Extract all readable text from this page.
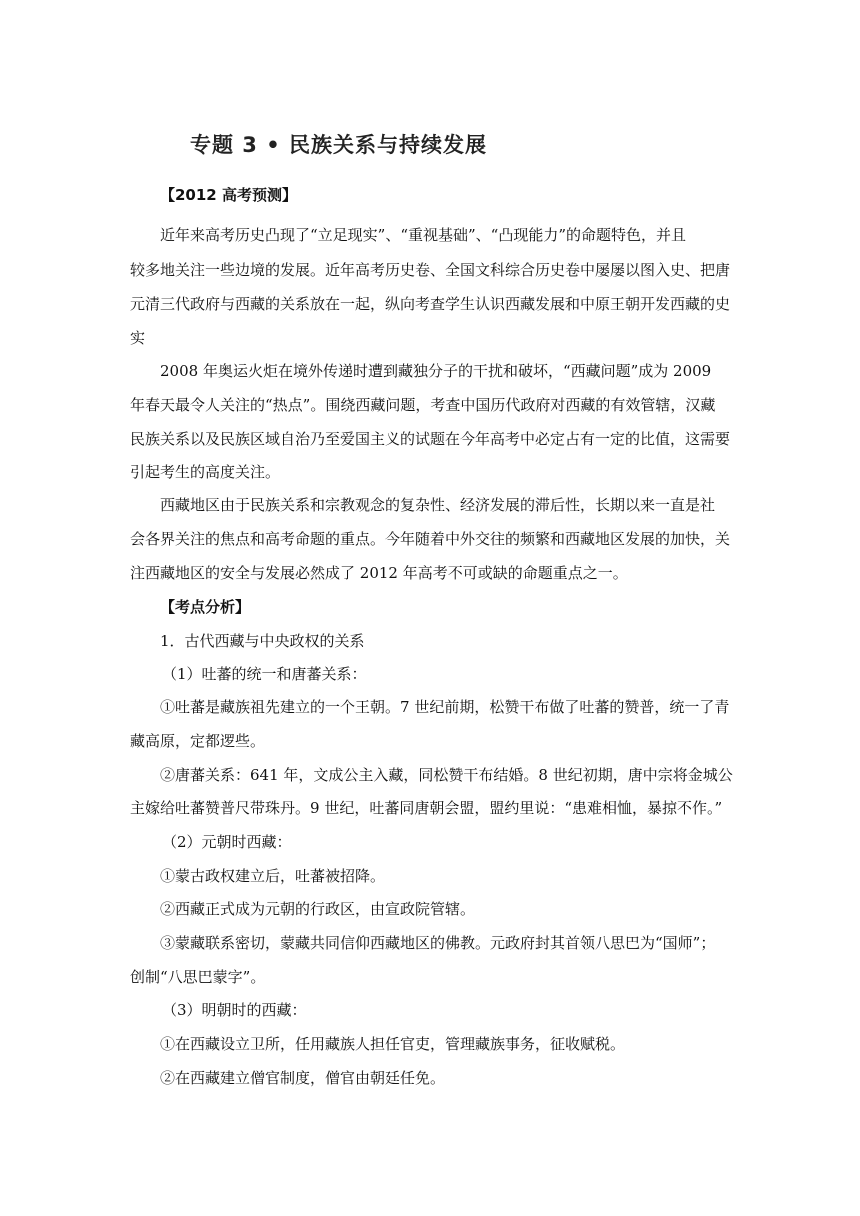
专题 3 • 民族关系与持续发展
【2012 高考预测】
近年来高考历史凸现了“立足现实”、“重视基础”、“凸现能力”的命题特色，并且
较多地关注一些边境的发展。近年高考历史卷、全国文科综合历史卷中屡屡以图入史、把唐
元清三代政府与西藏的关系放在一起，纵向考查学生认识西藏发展和中原王朝开发西藏的史
实
2008 年奥运火炬在境外传递时遭到藏独分子的干扰和破坏，“西藏问题”成为 2009
年春天最令人关注的“热点”。围绕西藏问题，考查中国历代政府对西藏的有效管辖，汉藏
民族关系以及民族区域自治乃至爱国主义的试题在今年高考中必定占有一定的比值，这需要
引起考生的高度关注。
西藏地区由于民族关系和宗教观念的复杂性、经济发展的滞后性，长期以来一直是社
会各界关注的焦点和高考命题的重点。今年随着中外交往的频繁和西藏地区发展的加快，关
注西藏地区的安全与发展必然成了 2012 年高考不可或缺的命题重点之一。
【考点分析】
1．古代西藏与中央政权的关系
（1）吐蕃的统一和唐蕃关系：
①吐蕃是藏族祖先建立的一个王朝。7 世纪前期，松赞干布做了吐蕃的赞普，统一了青
藏高原，定都逻些。
②唐蕃关系：641 年，文成公主入藏，同松赞干布结婚。8 世纪初期，唐中宗将金城公
主嫁给吐蕃赞普尺带珠丹。9 世纪，吐蕃同唐朝会盟，盟约里说：“患难相恤，暴掠不作。”
（2）元朝时西藏：
①蒙古政权建立后，吐蕃被招降。
②西藏正式成为元朝的行政区，由宣政院管辖。
③蒙藏联系密切，蒙藏共同信仰西藏地区的佛教。元政府封其首领八思巴为“国师”；
创制“八思巴蒙字”。
（3）明朝时的西藏：
①在西藏设立卫所，任用藏族人担任官吏，管理藏族事务，征收赋税。
②在西藏建立僧官制度，僧官由朝廷任免。
